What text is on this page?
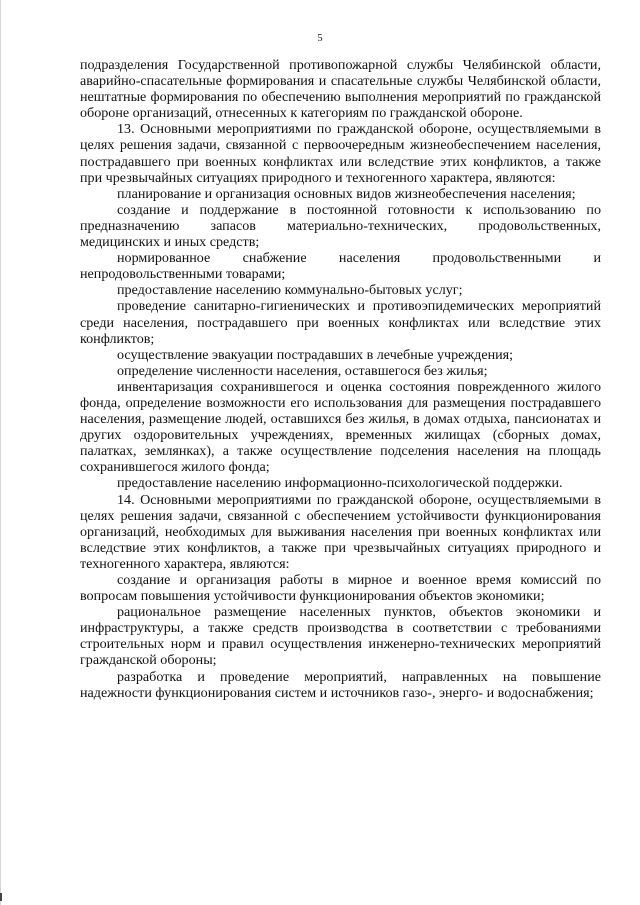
5

подразделения Государственной противопожарной службы Челябинской области, аварийно-спасательные формирования и спасательные службы Челябинской области, нештатные формирования по обеспечению выполнения мероприятий по гражданской обороне организаций, отнесенных к категориям по гражданской обороне.

13. Основными мероприятиями по гражданской обороне, осуществляемыми в целях решения задачи, связанной с первоочередным жизнеобеспечением населения, пострадавшего при военных конфликтах или вследствие этих конфликтов, а также при чрезвычайных ситуациях природного и техногенного характера, являются:

планирование и организация основных видов жизнеобеспечения населения;

создание и поддержание в постоянной готовности к использованию по предназначению запасов материально-технических, продовольственных, медицинских и иных средств;

нормированное снабжение населения продовольственными и непродовольственными товарами;

предоставление населению коммунально-бытовых услуг;

проведение санитарно-гигиенических и противоэпидемических мероприятий среди населения, пострадавшего при военных конфликтах или вследствие этих конфликтов;

осуществление эвакуации пострадавших в лечебные учреждения;

определение численности населения, оставшегося без жилья;

инвентаризация сохранившегося и оценка состояния поврежденного жилого фонда, определение возможности его использования для размещения пострадавшего населения, размещение людей, оставшихся без жилья, в домах отдыха, пансионатах и других оздоровительных учреждениях, временных жилищах (сборных домах, палатках, землянках), а также осуществление подселения населения на площадь сохранившегося жилого фонда;

предоставление населению информационно-психологической поддержки.

14. Основными мероприятиями по гражданской обороне, осуществляемыми в целях решения задачи, связанной с обеспечением устойчивости функционирования организаций, необходимых для выживания населения при военных конфликтах или вследствие этих конфликтов, а также при чрезвычайных ситуациях природного и техногенного характера, являются:

создание и организация работы в мирное и военное время комиссий по вопросам повышения устойчивости функционирования объектов экономики;

рациональное размещение населенных пунктов, объектов экономики и инфраструктуры, а также средств производства в соответствии с требованиями строительных норм и правил осуществления инженерно-технических мероприятий гражданской обороны;

разработка и проведение мероприятий, направленных на повышение надежности функционирования систем и источников газо-, энерго- и водоснабжения;
